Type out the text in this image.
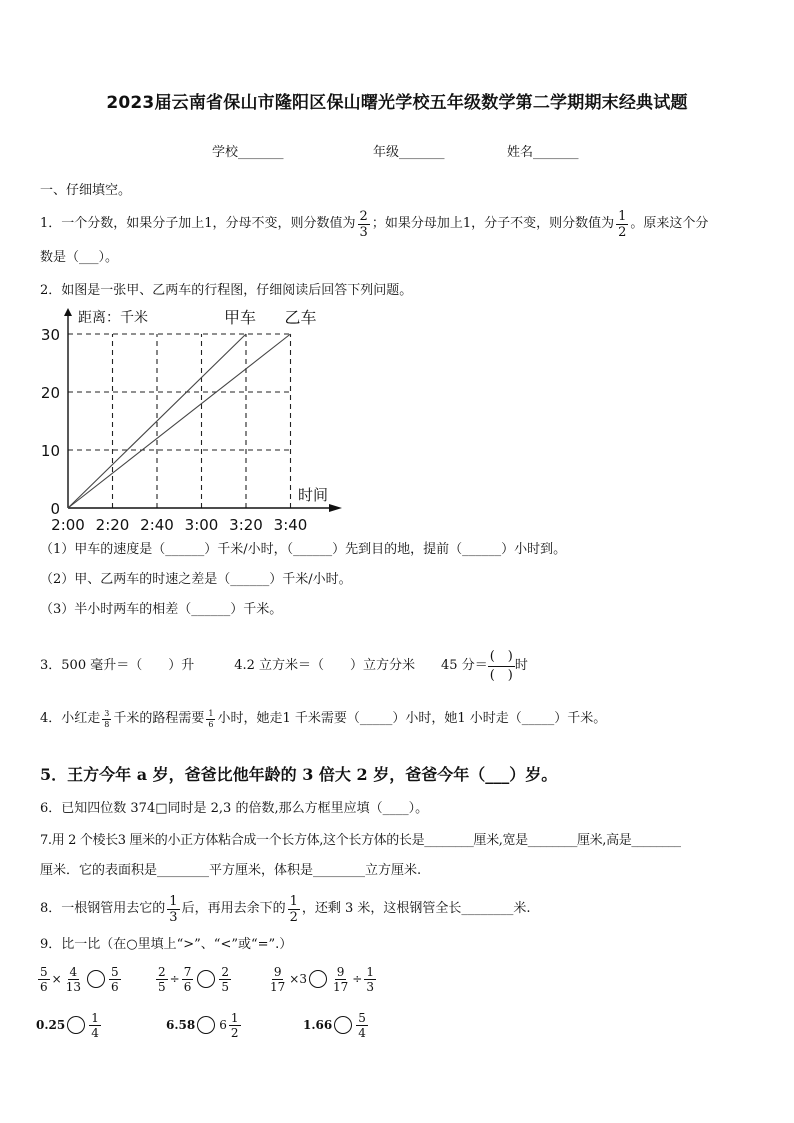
2023届云南省保山市隆阳区保山曙光学校五年级数学第二学期期末经典试题
学校_______	年级_______	姓名_______
一、仔细填空。
1．一个分数，如果分子加上1，分母不变，则分数值为 $\frac{2}{3}$ ；如果分母加上1，分子不变，则分数值为 $\frac{1}{2}$ 。原来这个分
数是（___）。
2．如图是一张甲、乙两车的行程图，仔细阅读后回答下列问题。
0
10
20
30
2:00 2:20 2:40 3:00 3:20 3:40
距离：千米
时间
甲车 乙车
（1）甲车的速度是（______）千米/小时，（______）先到目的地，提前（______）小时到。
（2）甲、乙两车的时速之差是（______）千米/小时。
（3）半小时两车的相差（______）千米。
3．500 毫升＝（　　）升	4.2 立方米＝（　　）立方分米 45 分＝
(　)
(　)
时
4．小红走 $\frac{3}{8}$ 千米的路程需要 $\frac{1}{6}$ 小时，她走1 千米需要（_____）小时，她1 小时走（_____）千米。
5．王方今年 a 岁，爸爸比他年龄的 3 倍大 2 岁，爸爸今年（___）岁。
6．已知四位数 374□同时是 2,3 的倍数,那么方框里应填（____）。
7.用 2 个棱长3 厘米的小正方体粘合成一个长方体,这个长方体的长是________厘米,宽是________厘米,高是________
厘米．它的表面积是________平方厘米，体积是________立方厘米.
8．一根钢管用去它的 $\frac{1}{3}$ 后，再用去余下的 $\frac{1}{2}$ ，还剩 3 米，这根钢管全长________米.
9．比一比（在○里填上“>”、“<”或“=”.）
$\frac{5}{6} \times \frac{4}{13} \frac{5}{6}$	$\frac{2}{5} \div \frac{7}{6} \frac{2}{5}$	$\frac{9}{17} \times 3 \frac{9}{17} \div \frac{1}{3}$
$0.25 \frac{1}{4}$	6.58 $6 \frac{1}{2}$	$1.66 \frac{5}{4}$
